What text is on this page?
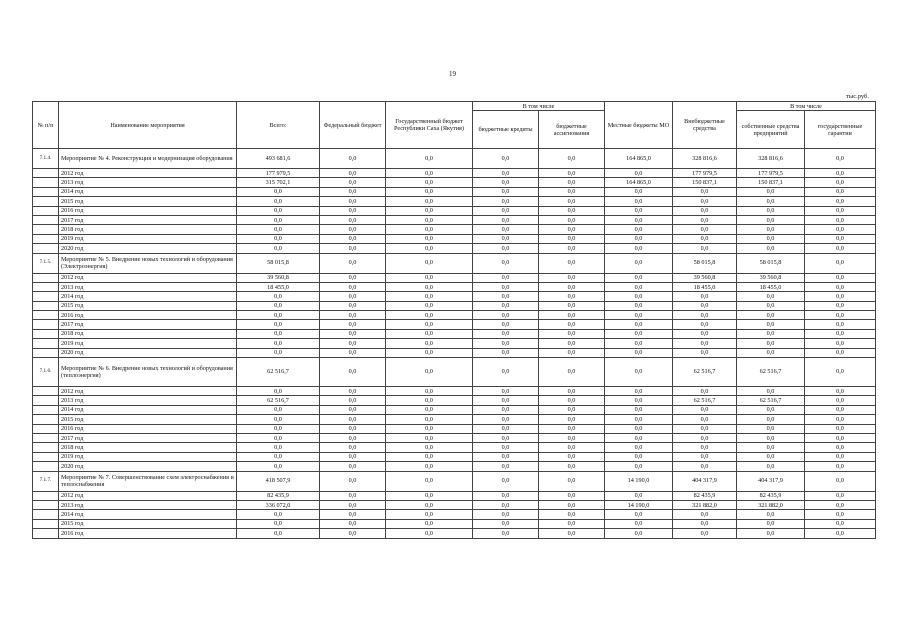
19
тыс.руб.
№ п/п	Наименование мероприятия	Всего:	Федеральный бюджет	Государственный бюджет Республики Саха (Якутия)	В том числе		Местные бюджеты МО	Внебюджетные средства	В том числе	
					бюджетные кредиты	бюджетные ассигнования			собственные средства предприятий	государственные гарантии
7.1.4.	Мероприятие № 4. Реконструкция и модернизация оборудования	493 681,6	0,0	0,0	0,0	0,0	164 865,0	328 816,6	328 816,6	0,0
	2012 год	177 979,5	0,0	0,0	0,0	0,0	0,0	177 979,5	177 979,5	0,0
	2013 год	315 702,1	0,0	0,0	0,0	0,0	164 865,0	150 837,1	150 837,1	0,0
	2014 год	0,0	0,0	0,0	0,0	0,0	0,0	0,0	0,0	0,0
	2015 год	0,0	0,0	0,0	0,0	0,0	0,0	0,0	0,0	0,0
	2016 год	0,0	0,0	0,0	0,0	0,0	0,0	0,0	0,0	0,0
	2017 год	0,0	0,0	0,0	0,0	0,0	0,0	0,0	0,0	0,0
	2018 год	0,0	0,0	0,0	0,0	0,0	0,0	0,0	0,0	0,0
	2019 год	0,0	0,0	0,0	0,0	0,0	0,0	0,0	0,0	0,0
	2020 год	0,0	0,0	0,0	0,0	0,0	0,0	0,0	0,0	0,0
7.1.5.	Мероприятие № 5. Внедрение новых технологий и оборудования (Электроэнергия)	58 015,8	0,0	0,0	0,0	0,0	0,0	58 015,8	58 015,8	0,0
	2012 год	39 560,8	0,0	0,0	0,0	0,0	0,0	39 560,8	39 560,8	0,0
	2013 год	18 455,0	0,0	0,0	0,0	0,0	0,0	18 455,0	18 455,0	0,0
	2014 год	0,0	0,0	0,0	0,0	0,0	0,0	0,0	0,0	0,0
	2015 год	0,0	0,0	0,0	0,0	0,0	0,0	0,0	0,0	0,0
	2016 год	0,0	0,0	0,0	0,0	0,0	0,0	0,0	0,0	0,0
	2017 год	0,0	0,0	0,0	0,0	0,0	0,0	0,0	0,0	0,0
	2018 год	0,0	0,0	0,0	0,0	0,0	0,0	0,0	0,0	0,0
	2019 год	0,0	0,0	0,0	0,0	0,0	0,0	0,0	0,0	0,0
	2020 год	0,0	0,0	0,0	0,0	0,0	0,0	0,0	0,0	0,0
7.1.6.	Мероприятие № 6. Внедрение новых технологий и оборудования (теплоэнергия)	62 516,7	0,0	0,0	0,0	0,0	0,0	62 516,7	62 516,7	0,0
	2012 год	0,0	0,0	0,0	0,0	0,0	0,0	0,0	0,0	0,0
	2013 год	62 516,7	0,0	0,0	0,0	0,0	0,0	62 516,7	62 516,7	0,0
	2014 год	0,0	0,0	0,0	0,0	0,0	0,0	0,0	0,0	0,0
	2015 год	0,0	0,0	0,0	0,0	0,0	0,0	0,0	0,0	0,0
	2016 год	0,0	0,0	0,0	0,0	0,0	0,0	0,0	0,0	0,0
	2017 год	0,0	0,0	0,0	0,0	0,0	0,0	0,0	0,0	0,0
	2018 год	0,0	0,0	0,0	0,0	0,0	0,0	0,0	0,0	0,0
	2019 год	0,0	0,0	0,0	0,0	0,0	0,0	0,0	0,0	0,0
	2020 год	0,0	0,0	0,0	0,0	0,0	0,0	0,0	0,0	0,0
7.1.7.	Мероприятие № 7. Совершенствование схем электроснабжения и теплоснабжения	418 507,9	0,0	0,0	0,0	0,0	14 190,0	404 317,9	404 317,9	0,0
	2012 год	82 435,9	0,0	0,0	0,0	0,0	0,0	82 435,9	82 435,9	0,0
	2013 год	336 072,0	0,0	0,0	0,0	0,0	14 190,0	321 882,0	321 882,0	0,0
	2014 год	0,0	0,0	0,0	0,0	0,0	0,0	0,0	0,0	0,0
	2015 год	0,0	0,0	0,0	0,0	0,0	0,0	0,0	0,0	0,0
	2016 год	0,0	0,0	0,0	0,0	0,0	0,0	0,0	0,0	0,0
